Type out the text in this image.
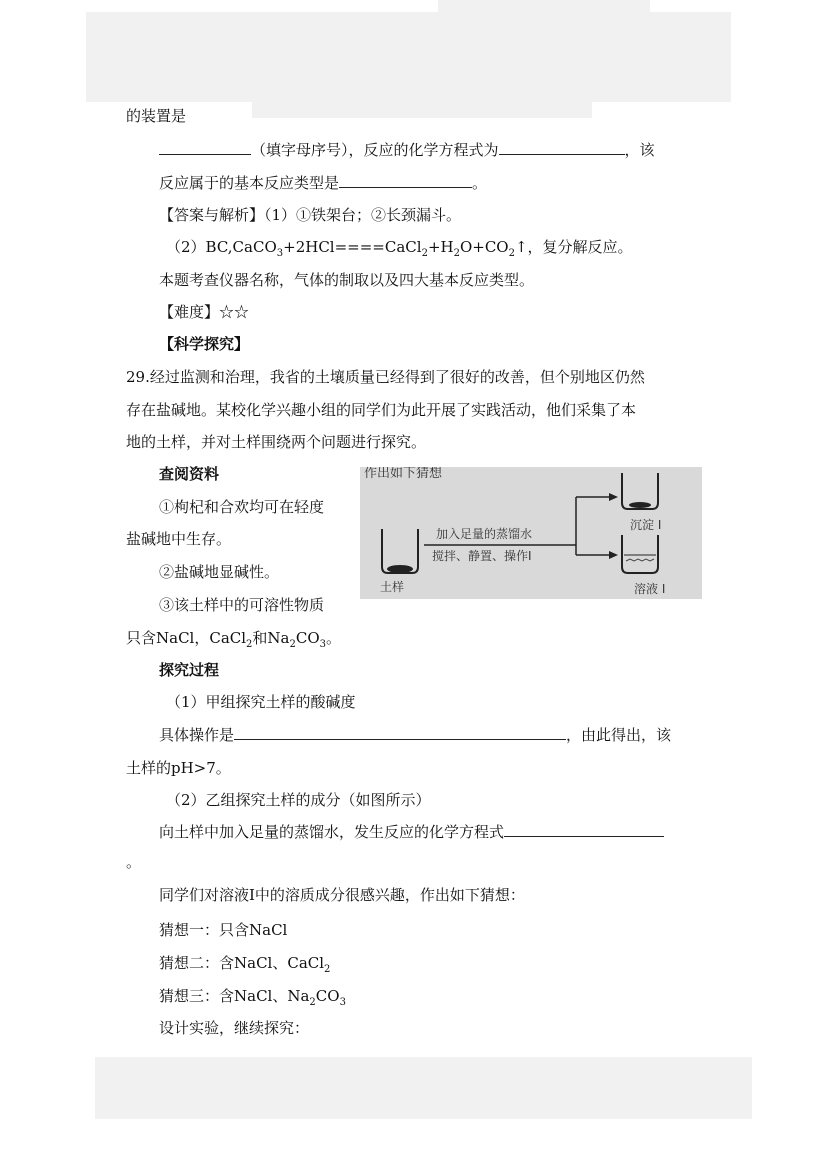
的装置是
（填字母序号），反应的化学方程式为	，该
反应属于的基本反应类型是	。
【答案与解析】（1）①铁架台；②长颈漏斗。
$(2)BC,CaCO_3+2HCl====CaCl_2+H_2O+CO_2↑$，复分解反应。
本题考查仪器名称，气体的制取以及四大基本反应类型。
【难度】☆☆
【科学探究】
29.经过监测和治理，我省的土壤质量已经得到了很好的改善，但个别地区仍然
存在盐碱地。某校化学兴趣小组的同学们为此开展了实践活动，他们采集了本
地的土样，并对土样围绕两个问题进行探究。
查阅资料
①枸杞和合欢均可在轻度
盐碱地中生存。
②盐碱地显碱性。
③该土样中的可溶性物质
只含NaCl，CaCl$_2$和$Na_2CO_3$。
作出如下猜想
土样
加入足量的蒸馏水
搅拌、静置、操作I
沉淀 I
溶液 I
探究过程
（1）甲组探究土样的酸碱度
具体操作是	，由此得出，该
土样的pH>7。
（2）乙组探究土样的成分（如图所示）
向土样中加入足量的蒸馏水，发生反应的化学方程式
。
同学们对溶液I中的溶质成分很感兴趣，作出如下猜想：
猜想一：只含NaCl
猜想二：含NaCl、CaCl$_2$
猜想三：含NaCl、$Na_2CO_3$
设计实验，继续探究：
